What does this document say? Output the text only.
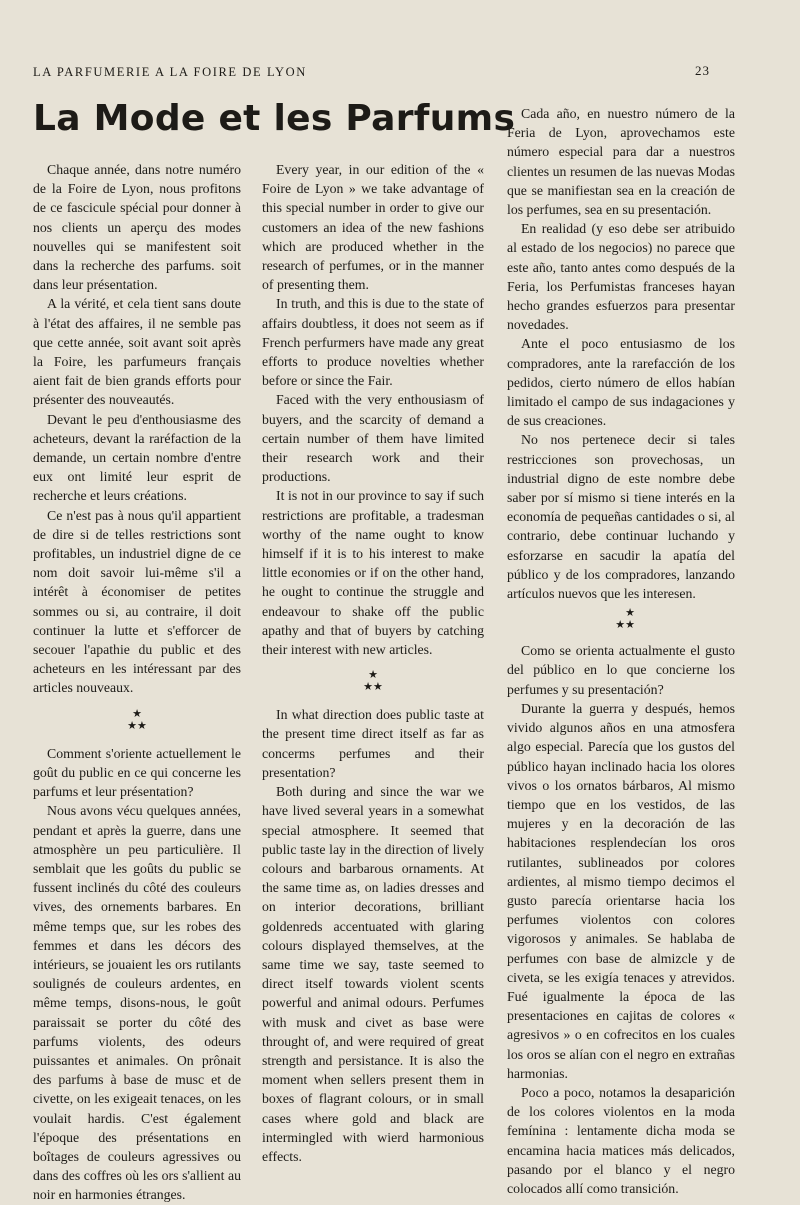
LA PARFUMERIE A LA FOIRE DE LYON	23
La Mode et les Parfums

Chaque année, dans notre numéro de la Foire de Lyon, nous profitons de ce fascicule spécial pour donner à nos clients un aperçu des modes nouvelles qui se manifestent soit dans la recherche des parfums. soit dans leur présentation.

A la vérité, et cela tient sans doute à l'état des affaires, il ne semble pas que cette année, soit avant soit après la Foire, les parfumeurs français aient fait de bien grands efforts pour présenter des nouveautés.

Devant le peu d'enthousiasme des acheteurs, devant la raréfaction de la demande, un certain nombre d'entre eux ont limité leur esprit de recherche et leurs créations.

Ce n'est pas à nous qu'il appartient de dire si de telles restrictions sont profitables, un industriel digne de ce nom doit savoir lui-même s'il a intérêt à économiser de petites sommes ou si, au contraire, il doit continuer la lutte et s'efforcer de secouer l'apathie du public et des acheteurs en les intéressant par des articles nouveaux.

★
★★

Comment s'oriente actuellement le goût du public en ce qui concerne les parfums et leur présentation?

Nous avons vécu quelques années, pendant et après la guerre, dans une atmosphère un peu particulière. Il semblait que les goûts du public se fussent inclinés du côté des couleurs vives, des ornements barbares. En même temps que, sur les robes des femmes et dans les décors des intérieurs, se jouaient les ors rutilants soulignés de couleurs ardentes, en même temps, disons-nous, le goût paraissait se porter du côté des parfums violents, des odeurs puissantes et animales. On prônait des parfums à base de musc et de civette, on les exigeait tenaces, on les voulait hardis. C'est également l'époque des présentations en boîtages de couleurs agressives ou dans des coffres où les ors s'allient au noir en harmonies étranges.

Every year, in our edition of the « Foire de Lyon » we take advantage of this special number in order to give our customers an idea of the new fashions which are produced whether in the research of perfumes, or in the manner of presenting them.

In truth, and this is due to the state of affairs doubtless, it does not seem as if French perfurmers have made any great efforts to produce novelties whether before or since the Fair.

Faced with the very enthousiasm of buyers, and the scarcity of demand a certain number of them have limited their research work and their productions.

It is not in our province to say if such restrictions are profitable, a tradesman worthy of the name ought to know himself if it is to his interest to make little economies or if on the other hand, he ought to continue the struggle and endeavour to shake off the public apathy and that of buyers by catching their interest with new articles.

★
★★

In what direction does public taste at the present time direct itself as far as concerms perfumes and their presentation?

Both during and since the war we have lived several years in a somewhat special atmosphere. It seemed that public taste lay in the direction of lively colours and barbarous ornaments. At the same time as, on ladies dresses and on interior decorations, brilliant goldenreds accentuated with glaring colours displayed themselves, at the same time we say, taste seemed to direct itself towards violent scents powerful and animal odours. Perfumes with musk and civet as base were throught of, and were required of great strength and persistance. It is also the moment when sellers present them in boxes of flagrant colours, or in small cases where gold and black are intermingled with wierd harmonious effects.

Cada año, en nuestro número de la Feria de Lyon, aprovechamos este número especial para dar a nuestros clientes un resumen de las nuevas Modas que se manifiestan sea en la creación de los perfumes, sea en su presentación.

En realidad (y eso debe ser atribuido al estado de los negocios) no parece que este año, tanto antes como después de la Feria, los Perfumistas franceses hayan hecho grandes esfuerzos para presentar novedades.

Ante el poco entusiasmo de los compradores, ante la rarefacción de los pedidos, cierto número de ellos habían limitado el campo de sus indagaciones y de sus creaciones.

No nos pertenece decir si tales restricciones son provechosas, un industrial digno de este nombre debe saber por sí mismo si tiene interés en la economía de pequeñas cantidades o si, al contrario, debe continuar luchando y esforzarse en sacudir la apatía del público y de los compradores, lanzando artículos nuevos que les interesen.

★
★★

Como se orienta actualmente el gusto del público en lo que concierne los perfumes y su presentación?

Durante la guerra y después, hemos vivido algunos años en una atmosfera algo especial. Parecía que los gustos del público hayan inclinado hacia los olores vivos o los ornatos bárbaros, Al mismo tiempo que en los vestidos, de las mujeres y en la decoración de las habitaciones resplendecían los oros rutilantes, sublineados por colores ardientes, al mismo tiempo decimos el gusto parecía orientarse hacia los perfumes violentos con colores vigorosos y animales. Se hablaba de perfumes con base de almizcle y de civeta, se les exigía tenaces y atrevidos. Fué igualmente la época de las presentaciones en cajitas de colores « agresivos » o en cofrecitos en los cuales los oros se alían con el negro en extrañas harmonias.

Poco a poco, notamos la desaparición de los colores violentos en la moda femínina : lentamente dicha moda se encamina hacia matices más delicados, pasando por el blanco y el negro colocados allí como transición.
